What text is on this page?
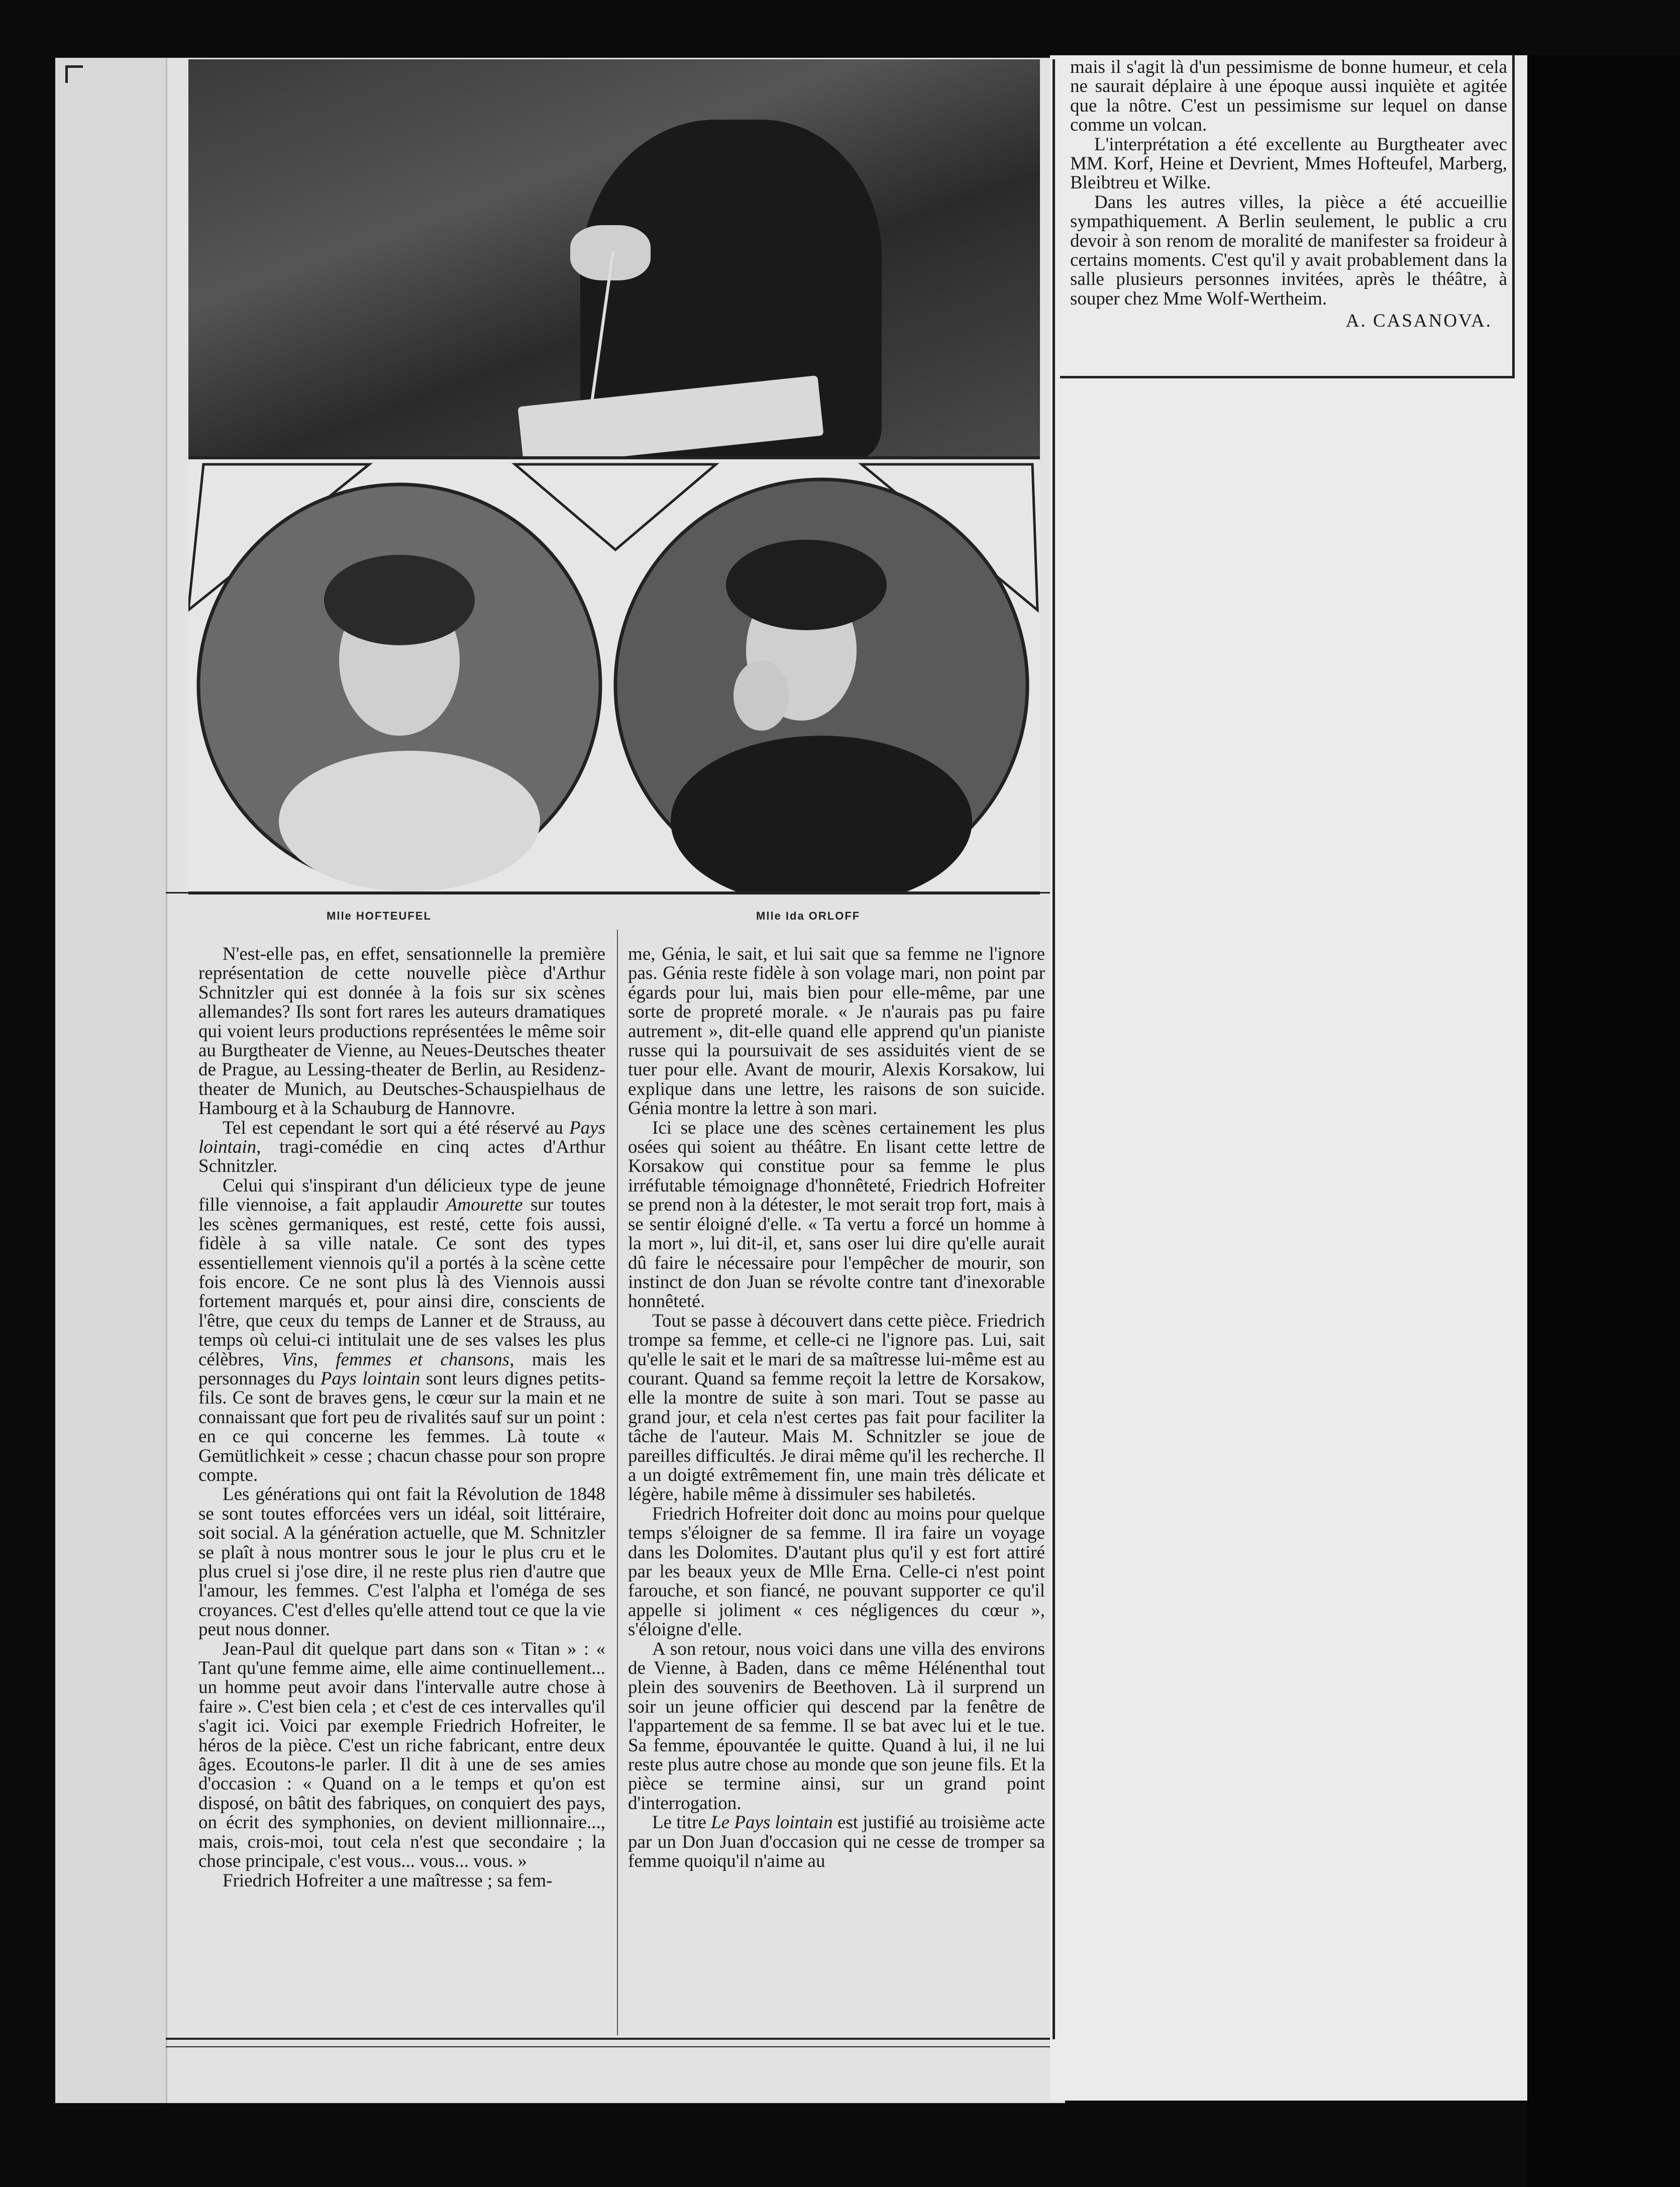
Mlle HOFTEUFEL	Mlle Ida ORLOFF

mais il s'agit là d'un pessimisme de bonne humeur, et cela ne saurait déplaire à une époque aussi inquiète et agitée que la nôtre. C'est un pessimisme sur lequel on danse comme un volcan.

L'interprétation a été excellente au Burgtheater avec MM. Korf, Heine et Devrient, Mmes Hofteufel, Marberg, Bleibtreu et Wilke.

Dans les autres villes, la pièce a été accueillie sympathiquement. A Berlin seulement, le public a cru devoir à son renom de moralité de manifester sa froideur à certains moments. C'est qu'il y avait probablement dans la salle plusieurs personnes invitées, après le théâtre, à souper chez Mme Wolf-Wertheim.

A. CASANOVA.

N'est-elle pas, en effet, sensationnelle la première représentation de cette nouvelle pièce d'Arthur Schnitzler qui est donnée à la fois sur six scènes allemandes? Ils sont fort rares les auteurs dramatiques qui voient leurs productions représentées le même soir au Burgtheater de Vienne, au Neues-Deutsches theater de Prague, au Lessing-theater de Berlin, au Residenz-theater de Munich, au Deutsches-Schauspielhaus de Hambourg et à la Schauburg de Hannovre.

Tel est cependant le sort qui a été réservé au Pays lointain, tragi-comédie en cinq actes d'Arthur Schnitzler.

Celui qui s'inspirant d'un délicieux type de jeune fille viennoise, a fait applaudir Amourette sur toutes les scènes germaniques, est resté, cette fois aussi, fidèle à sa ville natale. Ce sont des types essentiellement viennois qu'il a portés à la scène cette fois encore. Ce ne sont plus là des Viennois aussi fortement marqués et, pour ainsi dire, conscients de l'être, que ceux du temps de Lanner et de Strauss, au temps où celui-ci intitulait une de ses valses les plus célèbres, Vins, femmes et chansons, mais les personnages du Pays lointain sont leurs dignes petits-fils. Ce sont de braves gens, le cœur sur la main et ne connaissant que fort peu de rivalités sauf sur un point : en ce qui concerne les femmes. Là toute « Gemütlichkeit » cesse ; chacun chasse pour son propre compte.

Les générations qui ont fait la Révolution de 1848 se sont toutes efforcées vers un idéal, soit littéraire, soit social. A la génération actuelle, que M. Schnitzler se plaît à nous montrer sous le jour le plus cru et le plus cruel si j'ose dire, il ne reste plus rien d'autre que l'amour, les femmes. C'est l'alpha et l'oméga de ses croyances. C'est d'elles qu'elle attend tout ce que la vie peut nous donner.

Jean-Paul dit quelque part dans son « Titan » : « Tant qu'une femme aime, elle aime continuellement... un homme peut avoir dans l'intervalle autre chose à faire ». C'est bien cela ; et c'est de ces intervalles qu'il s'agit ici. Voici par exemple Friedrich Hofreiter, le héros de la pièce. C'est un riche fabricant, entre deux âges. Ecoutons-le parler. Il dit à une de ses amies d'occasion : « Quand on a le temps et qu'on est disposé, on bâtit des fabriques, on conquiert des pays, on écrit des symphonies, on devient millionnaire..., mais, crois-moi, tout cela n'est que secondaire ; la chose principale, c'est vous... vous... vous. »

Friedrich Hofreiter a une maîtresse ; sa fem-

me, Génia, le sait, et lui sait que sa femme ne l'ignore pas. Génia reste fidèle à son volage mari, non point par égards pour lui, mais bien pour elle-même, par une sorte de propreté morale. « Je n'aurais pas pu faire autrement », dit-elle quand elle apprend qu'un pianiste russe qui la poursuivait de ses assiduités vient de se tuer pour elle. Avant de mourir, Alexis Korsakow, lui explique dans une lettre, les raisons de son suicide. Génia montre la lettre à son mari.

Ici se place une des scènes certainement les plus osées qui soient au théâtre. En lisant cette lettre de Korsakow qui constitue pour sa femme le plus irréfutable témoignage d'honnêteté, Friedrich Hofreiter se prend non à la détester, le mot serait trop fort, mais à se sentir éloigné d'elle. « Ta vertu a forcé un homme à la mort », lui dit-il, et, sans oser lui dire qu'elle aurait dû faire le nécessaire pour l'empêcher de mourir, son instinct de don Juan se révolte contre tant d'inexorable honnêteté.

Tout se passe à découvert dans cette pièce. Friedrich trompe sa femme, et celle-ci ne l'ignore pas. Lui, sait qu'elle le sait et le mari de sa maîtresse lui-même est au courant. Quand sa femme reçoit la lettre de Korsakow, elle la montre de suite à son mari. Tout se passe au grand jour, et cela n'est certes pas fait pour faciliter la tâche de l'auteur. Mais M. Schnitzler se joue de pareilles difficultés. Je dirai même qu'il les recherche. Il a un doigté extrêmement fin, une main très délicate et légère, habile même à dissimuler ses habiletés.

Friedrich Hofreiter doit donc au moins pour quelque temps s'éloigner de sa femme. Il ira faire un voyage dans les Dolomites. D'autant plus qu'il y est fort attiré par les beaux yeux de Mlle Erna. Celle-ci n'est point farouche, et son fiancé, ne pouvant supporter ce qu'il appelle si joliment « ces négligences du cœur », s'éloigne d'elle.

A son retour, nous voici dans une villa des environs de Vienne, à Baden, dans ce même Hélénenthal tout plein des souvenirs de Beethoven. Là il surprend un soir un jeune officier qui descend par la fenêtre de l'appartement de sa femme. Il se bat avec lui et le tue. Sa femme, épouvantée le quitte. Quand à lui, il ne lui reste plus autre chose au monde que son jeune fils. Et la pièce se termine ainsi, sur un grand point d'interrogation.

Le titre Le Pays lointain est justifié au troisième acte par un Don Juan d'occasion qui ne cesse de tromper sa femme quoiqu'il n'aime au
